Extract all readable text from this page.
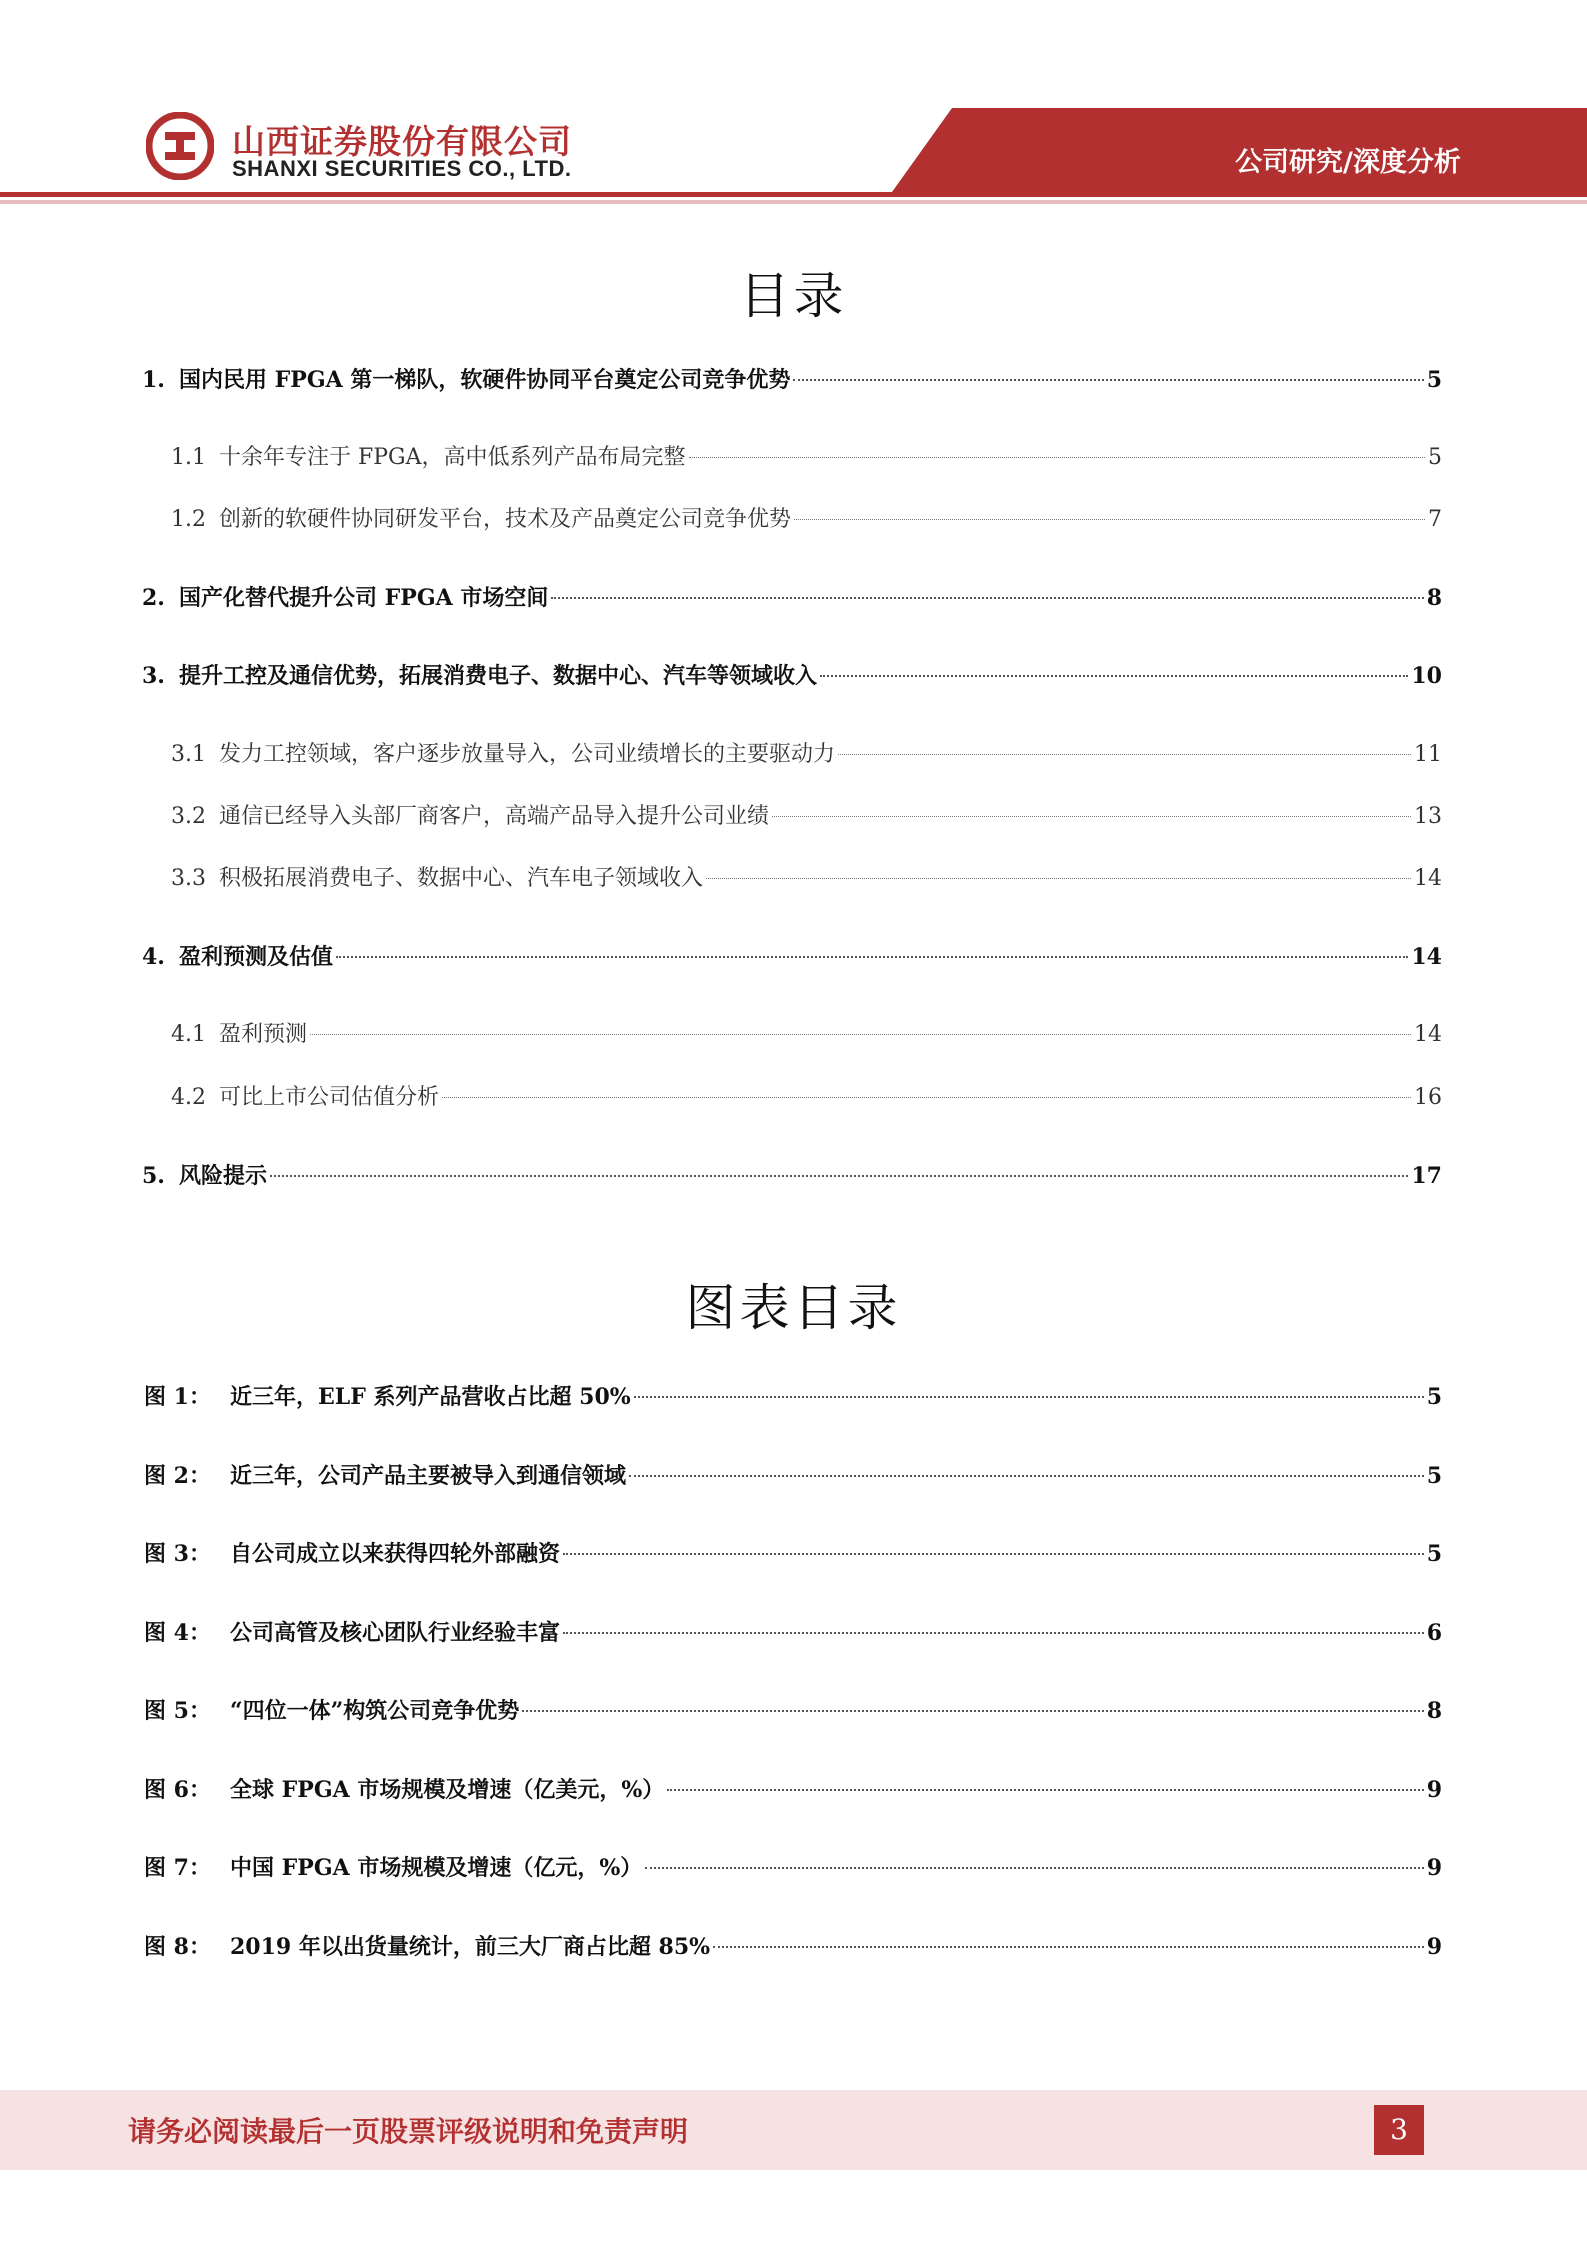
山西证券股份有限公司
SHANXI SECURITIES CO., LTD.	公司研究/深度分析
目录
1. 国内民用 FPGA 第一梯队，软硬件协同平台奠定公司竞争优势	5
1.1 十余年专注于 FPGA，高中低系列产品布局完整	5
1.2 创新的软硬件协同研发平台，技术及产品奠定公司竞争优势	7
2. 国产化替代提升公司 FPGA 市场空间	8
3. 提升工控及通信优势，拓展消费电子、数据中心、汽车等领域收入	10
3.1 发力工控领域，客户逐步放量导入，公司业绩增长的主要驱动力	11
3.2 通信已经导入头部厂商客户，高端产品导入提升公司业绩	13
3.3 积极拓展消费电子、数据中心、汽车电子领域收入	14
4. 盈利预测及估值	14
4.1 盈利预测	14
4.2 可比上市公司估值分析	16
5. 风险提示	17
图表目录
图 1： 近三年，ELF 系列产品营收占比超 50%	5
图 2： 近三年，公司产品主要被导入到通信领域	5
图 3： 自公司成立以来获得四轮外部融资	5
图 4： 公司高管及核心团队行业经验丰富	6
图 5： “四位一体”构筑公司竞争优势	8
图 6： 全球 FPGA 市场规模及增速（亿美元，%）	9
图 7： 中国 FPGA 市场规模及增速（亿元，%）	9
图 8： 2019 年以出货量统计，前三大厂商占比超 85%	9
请务必阅读最后一页股票评级说明和免责声明	3
